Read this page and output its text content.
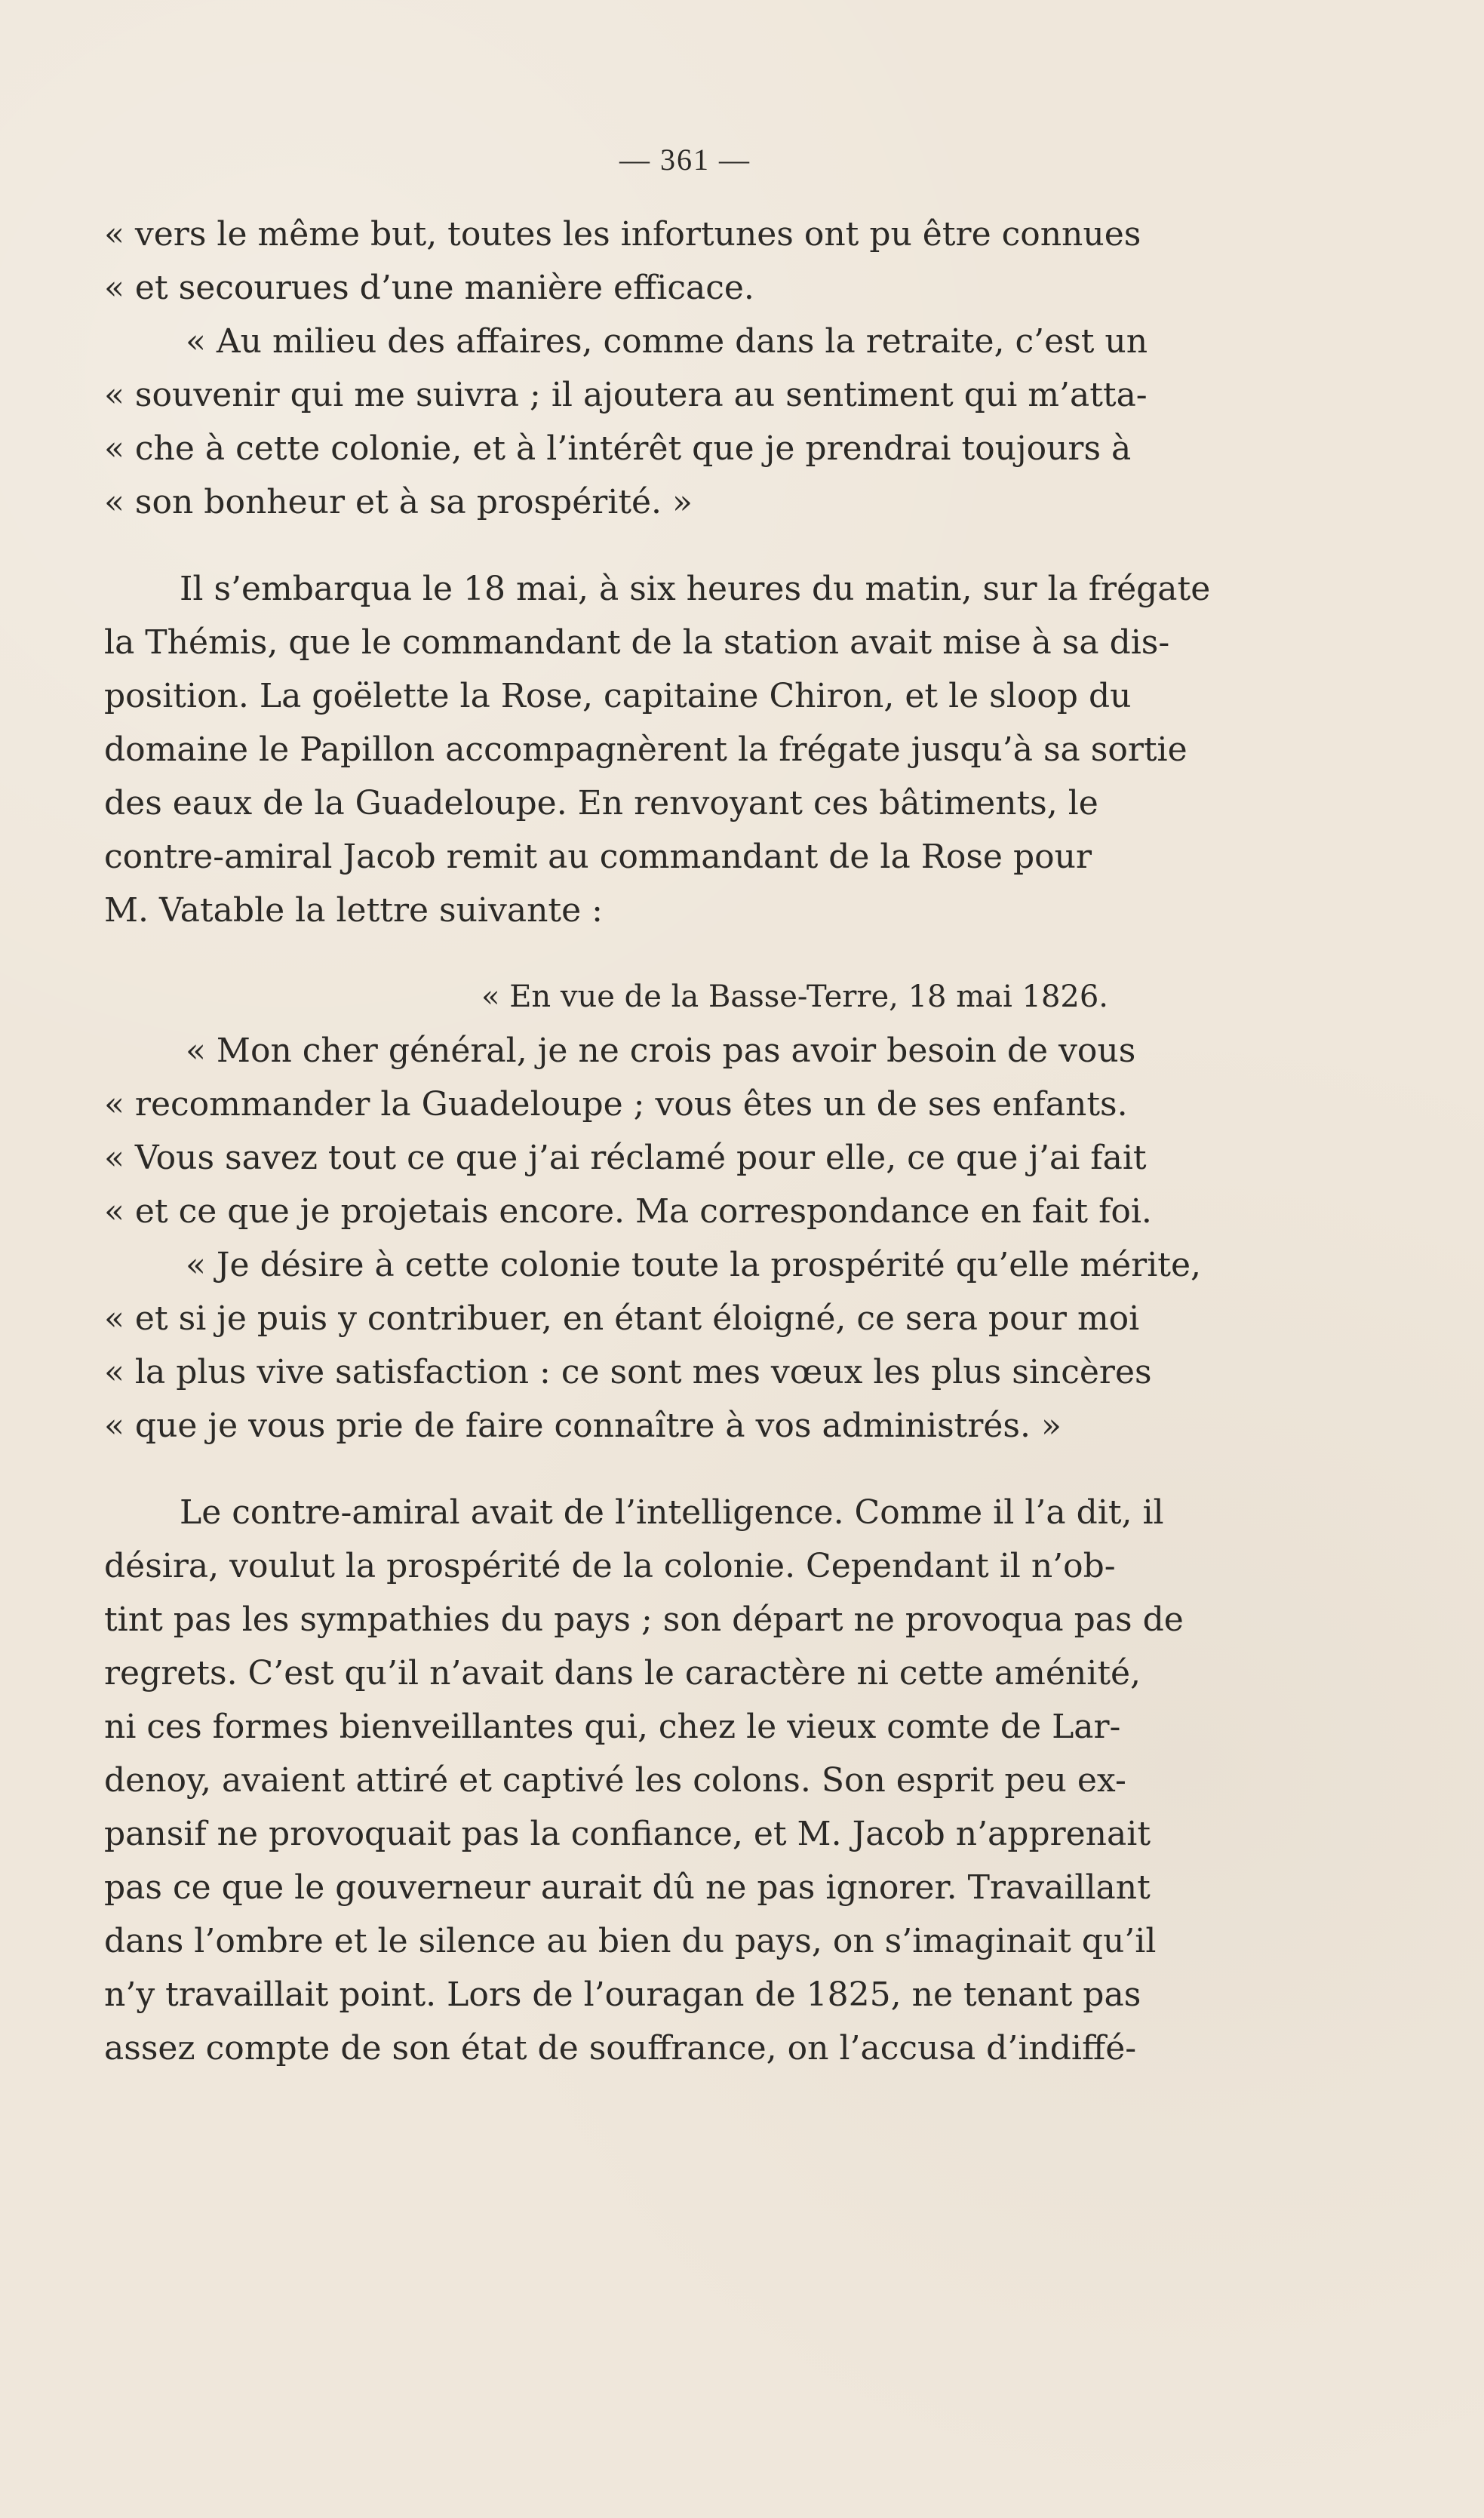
— 361 —
« vers le même but, toutes les infortunes ont pu être connues
« et secourues d’une manière efficace.
« Au milieu des affaires, comme dans la retraite, c’est un
« souvenir qui me suivra ; il ajoutera au sentiment qui m’atta-
« che à cette colonie, et à l’intérêt que je prendrai toujours à
« son bonheur et à sa prospérité. »
Il s’embarqua le 18 mai, à six heures du matin, sur la frégate
la Thémis, que le commandant de la station avait mise à sa dis-
position. La goëlette la Rose, capitaine Chiron, et le sloop du
domaine le Papillon accompagnèrent la frégate jusqu’à sa sortie
des eaux de la Guadeloupe. En renvoyant ces bâtiments, le
contre-amiral Jacob remit au commandant de la Rose pour
M. Vatable la lettre suivante :
« En vue de la Basse-Terre, 18 mai 1826.
« Mon cher général, je ne crois pas avoir besoin de vous
« recommander la Guadeloupe ; vous êtes un de ses enfants.
« Vous savez tout ce que j’ai réclamé pour elle, ce que j’ai fait
« et ce que je projetais encore. Ma correspondance en fait foi.
« Je désire à cette colonie toute la prospérité qu’elle mérite,
« et si je puis y contribuer, en étant éloigné, ce sera pour moi
« la plus vive satisfaction : ce sont mes vœux les plus sincères
« que je vous prie de faire connaître à vos administrés. »
Le contre-amiral avait de l’intelligence. Comme il l’a dit, il
désira, voulut la prospérité de la colonie. Cependant il n’ob-
tint pas les sympathies du pays ; son départ ne provoqua pas de
regrets. C’est qu’il n’avait dans le caractère ni cette aménité,
ni ces formes bienveillantes qui, chez le vieux comte de Lar-
denoy, avaient attiré et captivé les colons. Son esprit peu ex-
pansif ne provoquait pas la confiance, et M. Jacob n’apprenait
pas ce que le gouverneur aurait dû ne pas ignorer. Travaillant
dans l’ombre et le silence au bien du pays, on s’imaginait qu’il
n’y travaillait point. Lors de l’ouragan de 1825, ne tenant pas
assez compte de son état de souffrance, on l’accusa d’indiffé-
